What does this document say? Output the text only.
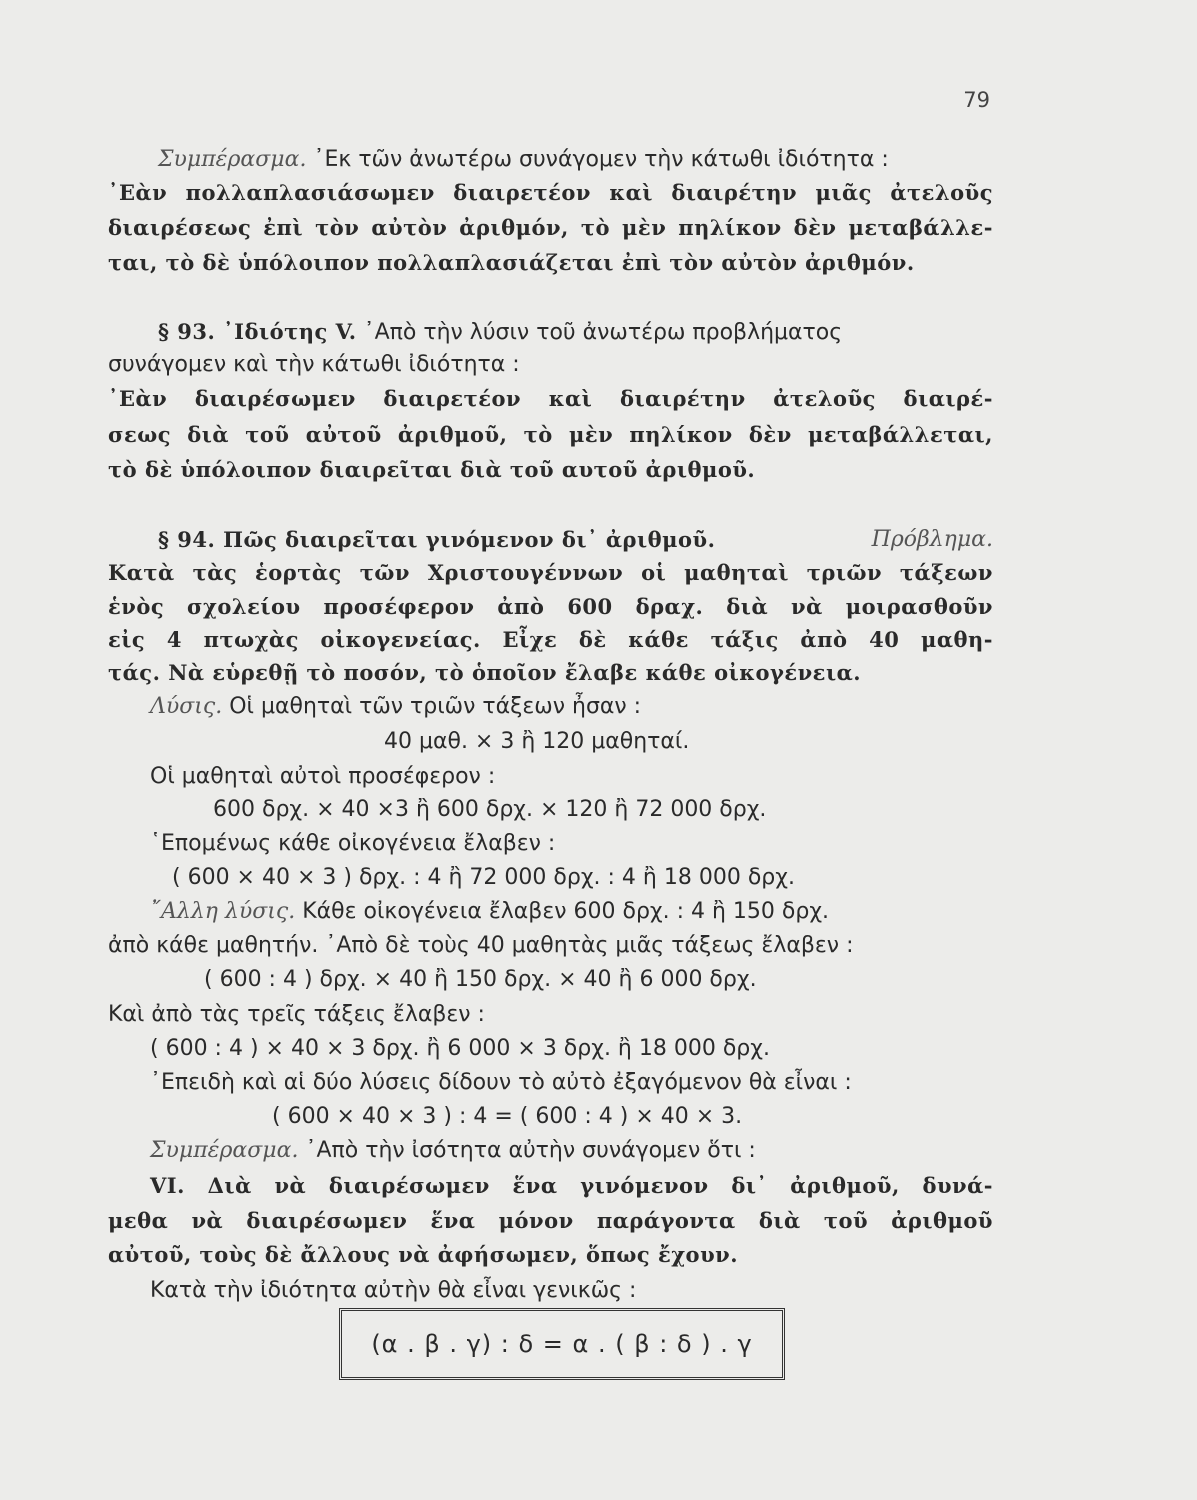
79
Συμπέρασμα. ᾿Εκ τῶν ἀνωτέρω συνάγομεν τὴν κάτωθι ἰδιότητα :
᾿Εὰν πολλαπλασιάσωμεν διαιρετέον καὶ διαιρέτην μιᾶς ἀτελοῦς
διαιρέσεως ἐπὶ τὸν αὐτὸν ἀριθμόν, τὸ μὲν πηλίκον δὲν μεταβάλλε-
ται, τὸ δὲ ὑπόλοιπον πολλαπλασιάζεται ἐπὶ τὸν αὐτὸν ἀριθμόν.
§ 93. ᾿Ιδιότης V. ᾿Απὸ τὴν λύσιν τοῦ ἀνωτέρω προβλήματος
συνάγομεν καὶ τὴν κάτωθι ἰδιότητα :
᾿Εὰν διαιρέσωμεν διαιρετέον καὶ διαιρέτην ἀτελοῦς διαιρέ-
σεως διὰ τοῦ αὐτοῦ ἀριθμοῦ, τὸ μὲν πηλίκον δὲν μεταβάλλεται,
τὸ δὲ ὑπόλοιπον διαιρεῖται διὰ τοῦ αυτοῦ ἀριθμοῦ.
§ 94. Πῶς διαιρεῖται γινόμενον δι᾿ ἀριθμοῦ.	Πρόβλημα.
Κατὰ τὰς ἑορτὰς τῶν Χριστουγέννων οἱ μαθηταὶ τριῶν τάξεων
ἑνὸς σχολείου προσέφερον ἀπὸ 600 δραχ. διὰ νὰ μοιρασθοῦν
εἰς 4 πτωχὰς οἰκογενείας. Εἶχε δὲ κάθε τάξις ἀπὸ 40 μαθη-
τάς. Νὰ εὑρεθῇ τὸ ποσόν, τὸ ὁποῖον ἔλαβε κάθε οἰκογένεια.
Λύσις. Οἱ μαθηταὶ τῶν τριῶν τάξεων ἦσαν :
40 μαθ. × 3 ἢ 120 μαθηταί.
Οἱ μαθηταὶ αὐτοὶ προσέφερον :
600 δρχ. × 40 ×3 ἢ 600 δρχ. × 120 ἢ 72 000 δρχ.
῾Επομένως κάθε οἰκογένεια ἔλαβεν :
( 600 × 40 × 3 ) δρχ. : 4 ἢ 72 000 δρχ. : 4 ἢ 18 000 δρχ.
῎Αλλη λύσις. Κάθε οἰκογένεια ἔλαβεν 600 δρχ. : 4 ἢ 150 δρχ.
ἀπὸ κάθε μαθητήν. ᾿Απὸ δὲ τοὺς 40 μαθητὰς μιᾶς τάξεως ἔλαβεν :
( 600 : 4 ) δρχ. × 40 ἢ 150 δρχ. × 40 ἢ 6 000 δρχ.
Καὶ ἀπὸ τὰς τρεῖς τάξεις ἔλαβεν :
( 600 : 4 ) × 40 × 3 δρχ. ἢ 6 000 × 3 δρχ. ἢ 18 000 δρχ.
᾿Επειδὴ καὶ αἱ δύο λύσεις δίδουν τὸ αὐτὸ ἐξαγόμενον θὰ εἶναι :
( 600 × 40 × 3 ) : 4 = ( 600 : 4 ) × 40 × 3.
Συμπέρασμα. ᾿Απὸ τὴν ἰσότητα αὐτὴν συνάγομεν ὅτι :
VI. Διὰ νὰ διαιρέσωμεν ἕνα γινόμενον δι᾿ ἀριθμοῦ, δυνά-
μεθα νὰ διαιρέσωμεν ἕνα μόνον παράγοντα διὰ τοῦ ἀριθμοῦ
αὐτοῦ, τοὺς δὲ ἄλλους νὰ ἀφήσωμεν, ὅπως ἔχουν.
Κατὰ τὴν ἰδιότητα αὐτὴν θὰ εἶναι γενικῶς :
(α . β . γ) : δ = α . ( β : δ ) . γ
